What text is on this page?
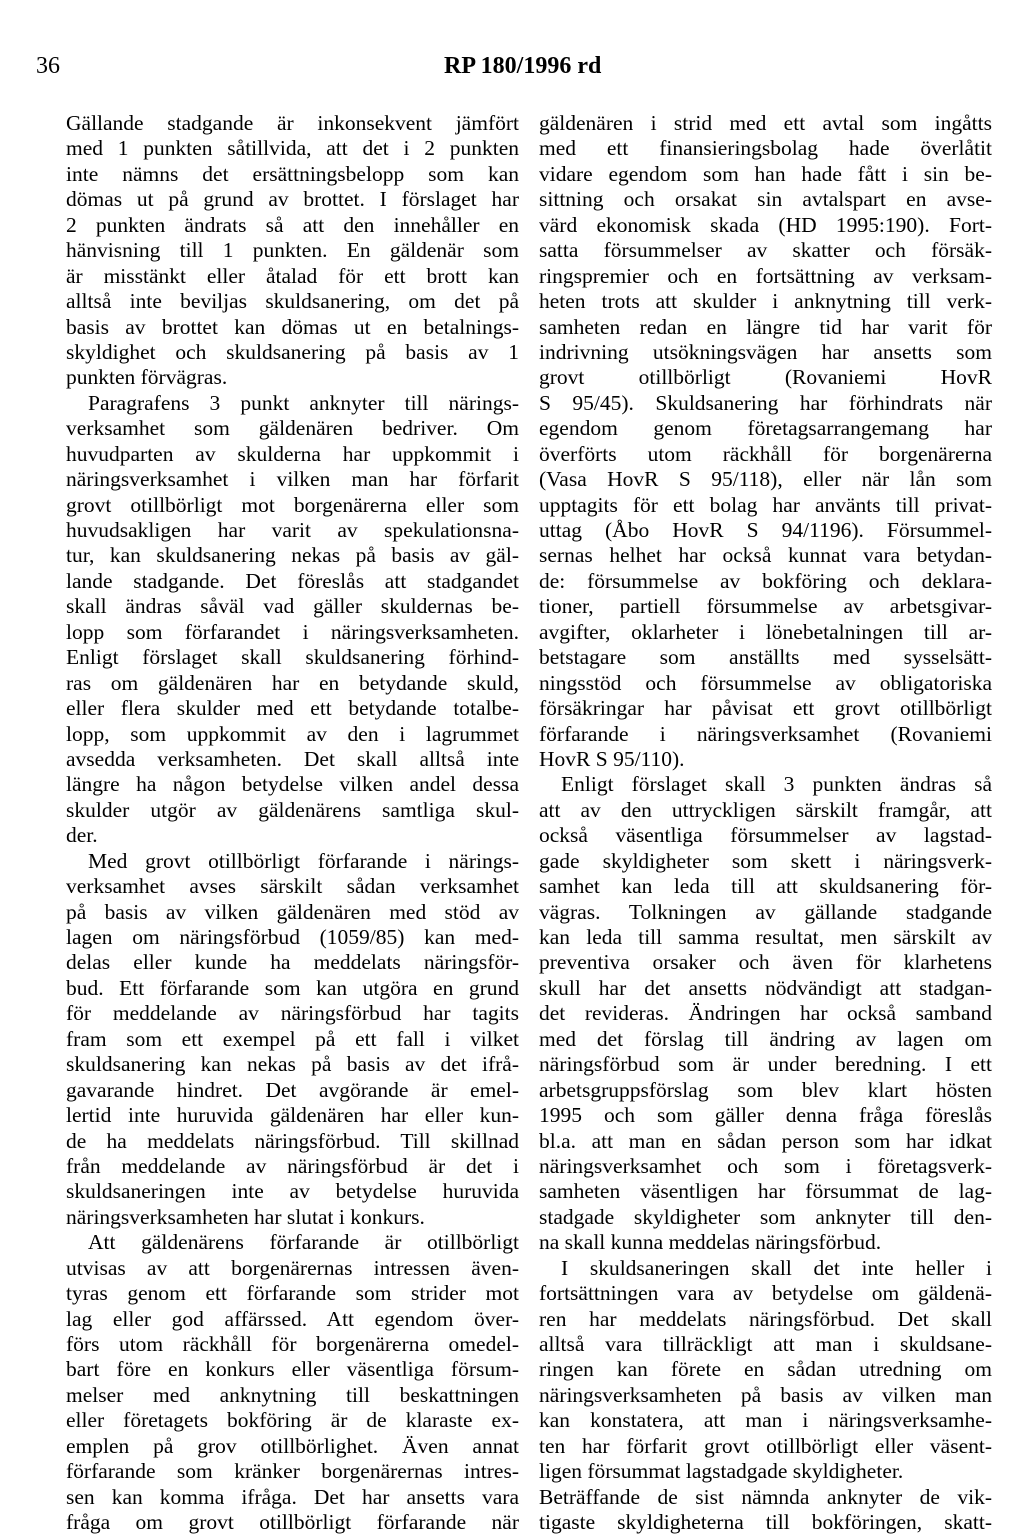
36	RP 180/1996 rd
Gällande stadgande är inkonsekvent jämfört
med 1 punkten såtillvida, att det i 2 punkten
inte nämns det ersättningsbelopp som kan
dömas ut på grund av brottet. I förslaget har
2 punkten ändrats så att den innehåller en
hänvisning till 1 punkten. En gäldenär som
är misstänkt eller åtalad för ett brott kan
alltså inte beviljas skuldsanering, om det på
basis av brottet kan dömas ut en betalnings-
skyldighet och skuldsanering på basis av 1
punkten förvägras.
Paragrafens 3 punkt anknyter till närings-
verksamhet som gäldenären bedriver. Om
huvudparten av skulderna har uppkommit i
näringsverksamhet i vilken man har förfarit
grovt otillbörligt mot borgenärerna eller som
huvudsakligen har varit av spekulationsna-
tur, kan skuldsanering nekas på basis av gäl-
lande stadgande. Det föreslås att stadgandet
skall ändras såväl vad gäller skuldernas be-
lopp som förfarandet i näringsverksamheten.
Enligt förslaget skall skuldsanering förhind-
ras om gäldenären har en betydande skuld,
eller flera skulder med ett betydande totalbe-
lopp, som uppkommit av den i lagrummet
avsedda verksamheten. Det skall alltså inte
längre ha någon betydelse vilken andel dessa
skulder utgör av gäldenärens samtliga skul-
der.
Med grovt otillbörligt förfarande i närings-
verksamhet avses särskilt sådan verksamhet
på basis av vilken gäldenären med stöd av
lagen om näringsförbud (1059/85) kan med-
delas eller kunde ha meddelats näringsför-
bud. Ett förfarande som kan utgöra en grund
för meddelande av näringsförbud har tagits
fram som ett exempel på ett fall i vilket
skuldsanering kan nekas på basis av det ifrå-
gavarande hindret. Det avgörande är emel-
lertid inte huruvida gäldenären har eller kun-
de ha meddelats näringsförbud. Till skillnad
från meddelande av näringsförbud är det i
skuldsaneringen inte av betydelse huruvida
näringsverksamheten har slutat i konkurs.
Att gäldenärens förfarande är otillbörligt
utvisas av att borgenärernas intressen även-
tyras genom ett förfarande som strider mot
lag eller god affärssed. Att egendom över-
förs utom räckhåll för borgenärerna omedel-
bart före en konkurs eller väsentliga försum-
melser med anknytning till beskattningen
eller företagets bokföring är de klaraste ex-
emplen på grov otillbörlighet. Även annat
förfarande som kränker borgenärernas intres-
sen kan komma ifråga. Det har ansetts vara
fråga om grovt otillbörligt förfarande när
gäldenären i strid med ett avtal som ingåtts
med ett finansieringsbolag hade överlåtit
vidare egendom som han hade fått i sin be-
sittning och orsakat sin avtalspart en avse-
värd ekonomisk skada (HD 1995:190). Fort-
satta försummelser av skatter och försäk-
ringspremier och en fortsättning av verksam-
heten trots att skulder i anknytning till verk-
samheten redan en längre tid har varit för
indrivning utsökningsvägen har ansetts som
grovt otillbörligt (Rovaniemi HovR
S 95/45). Skuldsanering har förhindrats när
egendom genom företagsarrangemang har
överförts utom räckhåll för borgenärerna
(Vasa HovR S 95/118), eller när lån som
upptagits för ett bolag har använts till privat-
uttag (Åbo HovR S 94/1196). Försummel-
sernas helhet har också kunnat vara betydan-
de: försummelse av bokföring och deklara-
tioner, partiell försummelse av arbetsgivar-
avgifter, oklarheter i lönebetalningen till ar-
betstagare som anställts med sysselsätt-
ningsstöd och försummelse av obligatoriska
försäkringar har påvisat ett grovt otillbörligt
förfarande i näringsverksamhet (Rovaniemi
HovR S 95/110).
Enligt förslaget skall 3 punkten ändras så
att av den uttryckligen särskilt framgår, att
också väsentliga försummelser av lagstad-
gade skyldigheter som skett i näringsverk-
samhet kan leda till att skuldsanering för-
vägras. Tolkningen av gällande stadgande
kan leda till samma resultat, men särskilt av
preventiva orsaker och även för klarhetens
skull har det ansetts nödvändigt att stadgan-
det revideras. Ändringen har också samband
med det förslag till ändring av lagen om
näringsförbud som är under beredning. I ett
arbetsgruppsförslag som blev klart hösten
1995 och som gäller denna fråga föreslås
bl.a. att man en sådan person som har idkat
näringsverksamhet och som i företagsverk-
samheten väsentligen har försummat de lag-
stadgade skyldigheter som anknyter till den-
na skall kunna meddelas näringsförbud.
I skuldsaneringen skall det inte heller i
fortsättningen vara av betydelse om gäldenä-
ren har meddelats näringsförbud. Det skall
alltså vara tillräckligt att man i skuldsane-
ringen kan förete en sådan utredning om
näringsverksamheten på basis av vilken man
kan konstatera, att man i näringsverksamhe-
ten har förfarit grovt otillbörligt eller väsent-
ligen försummat lagstadgade skyldigheter.
Beträffande de sist nämnda anknyter de vik-
tigaste skyldigheterna till bokföringen, skatt-
